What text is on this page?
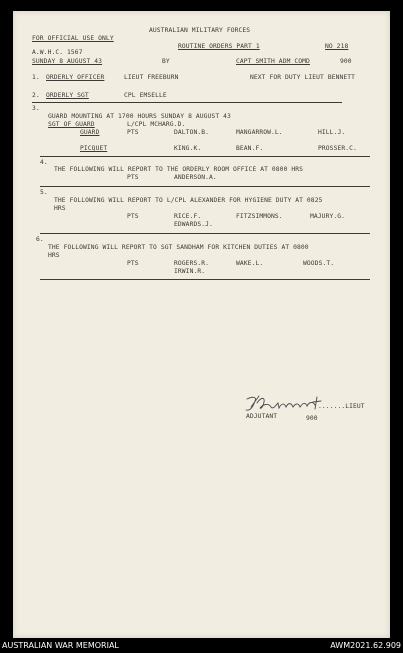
AUSTRALIAN MILITARY FORCES
FOR OFFICIAL USE ONLY
A.W.H.C. 1567
SUNDAY 8 AUGUST 43
ROUTINE ORDERS PART 1	NO 218
BY	CAPT SMITH ADM COMD	900
1. ORDERLY OFFICER	LIEUT FREEBURN	NEXT FOR DUTY LIEUT BENNETT
2. ORDERLY SGT	CPL EMSELLE
3.
GUARD MOUNTING AT 1700 HOURS SUNDAY 8 AUGUST 43
SGT OF GUARD	L/CPL MCHARG.D.
GUARD	PTS	DALTON.B.	MANGARROW.L.	HILL.J.
PICQUET	KING.K.	BEAN.F.	PROSSER.C.
4.
THE FOLLOWING WILL REPORT TO THE ORDERLY ROOM OFFICE AT 0800 HRS
PTS	ANDERSON.A.
5.
THE FOLLOWING WILL REPORT TO L/CPL ALEXANDER FOR HYGIENE DUTY AT 0825
HRS
PTS	RICE.F.	FITZSIMMONS.	MAJURY.G.
EDWARDS.J.
6.
THE FOLLOWING WILL REPORT TO SGT SANDHAM FOR KITCHEN DUTIES AT 0800
HRS
PTS	ROGERS.R.	WAKE.L.	WOODS.T.
IRWIN.R.
.......LIEUT
ADJUTANT	900
AUSTRALIAN WAR MEMORIAL	AWM2021.62.909
